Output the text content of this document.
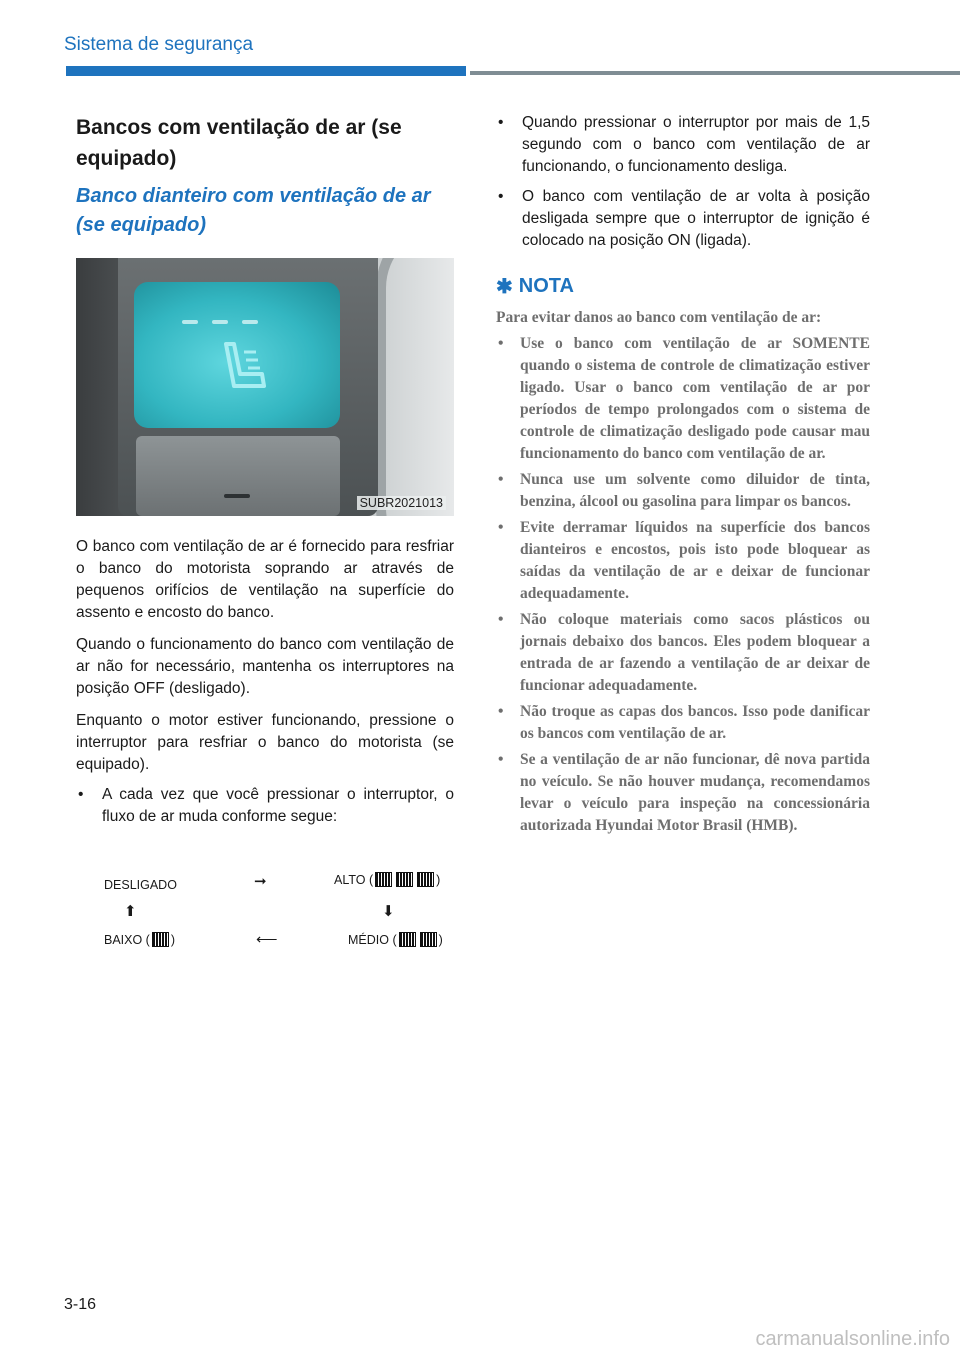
Sistema de segurança
Bancos com ventilação de ar (se equipado)
Banco dianteiro com ventilação de ar (se equipado)
SUBR2021013

O banco com ventilação de ar é fornecido para resfriar o banco do motorista soprando ar através de pequenos orifícios de ventilação na superfície do assento e encosto do banco.

Quando o funcionamento do banco com ventilação de ar não for necessário, mantenha os interruptores na posição OFF (desligado).

Enquanto o motor estiver funcionando, pressione o interruptor para resfriar o banco do motorista (se equipado).

• A cada vez que você pressionar o interruptor, o fluxo de ar muda conforme segue:
DESLIGADO	➞	ALTO (	)
⬆	⬇
BAIXO ( )	⟵	MÉDIO (	)
• Quando pressionar o interruptor por mais de 1,5 segundo com o banco com ventilação de ar funcionando, o funcionamento desliga.
• O banco com ventilação de ar volta à posição desligada sempre que o interruptor de ignição é colocado na posição ON (ligada).
✱ NOTA

Para evitar danos ao banco com ventilação de ar:

• Use o banco com ventilação de ar SOMENTE quando o sistema de controle de climatização estiver ligado. Usar o banco com ventilação de ar por períodos de tempo prolongados com o sistema de controle de climatização desligado pode causar mau funcionamento do banco com ventilação de ar.
• Nunca use um solvente como diluidor de tinta, benzina, álcool ou gasolina para limpar os bancos.
• Evite derramar líquidos na superfície dos bancos dianteiros e encostos, pois isto pode bloquear as saídas da ventilação de ar e deixar de funcionar adequadamente.
• Não coloque materiais como sacos plásticos ou jornais debaixo dos bancos. Eles podem bloquear a entrada de ar fazendo a ventilação de ar deixar de funcionar adequadamente.
• Não troque as capas dos bancos. Isso pode danificar os bancos com ventilação de ar.
• Se a ventilação de ar não funcionar, dê nova partida no veículo. Se não houver mudança, recomendamos levar o veículo para inspeção na concessionária autorizada Hyundai Motor Brasil (HMB).
3-16
carmanualsonline.info
